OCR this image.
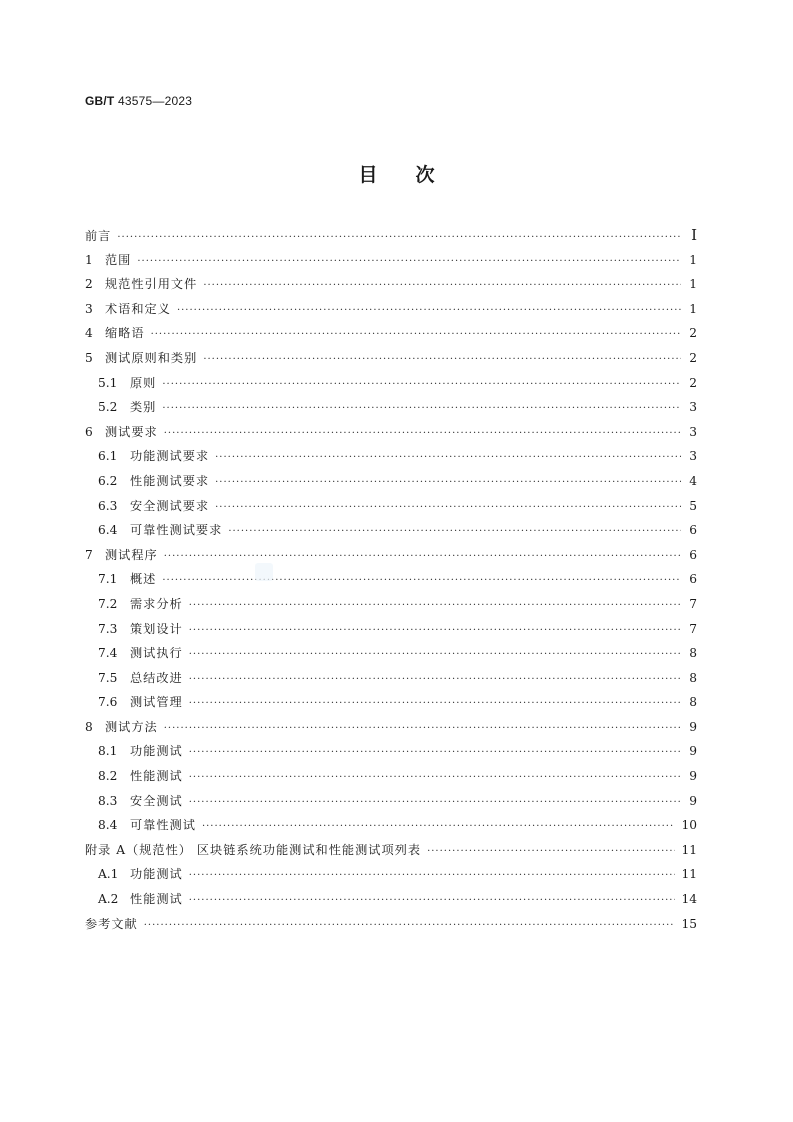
GB/T 43575—2023
目次
前言 ·····	I
1	范围 ·····	1
2	规范性引用文件 ·····	1
3	术语和定义 ·····	1
4	缩略语 ·····	2
5	测试原则和类别 ·····	2
5.1	原则 ·····	2
5.2	类别 ·····	3
6	测试要求 ·····	3
6.1	功能测试要求 ·····	3
6.2	性能测试要求 ·····	4
6.3	安全测试要求 ·····	5
6.4	可靠性测试要求 ·····	6
7	测试程序 ·····	6
7.1	概述 ·····	6
7.2	需求分析 ·····	7
7.3	策划设计 ·····	7
7.4	测试执行 ·····	8
7.5	总结改进 ·····	8
7.6	测试管理 ·····	8
8	测试方法 ·····	9
8.1	功能测试 ·····	9
8.2	性能测试 ·····	9
8.3	安全测试 ·····	9
8.4	可靠性测试 ·····	10
附录 A（规范性） 区块链系统功能测试和性能测试项列表 ·····	11
A.1 功能测试 ·····	11
A.2 性能测试 ·····	14
参考文献 ·····	15
